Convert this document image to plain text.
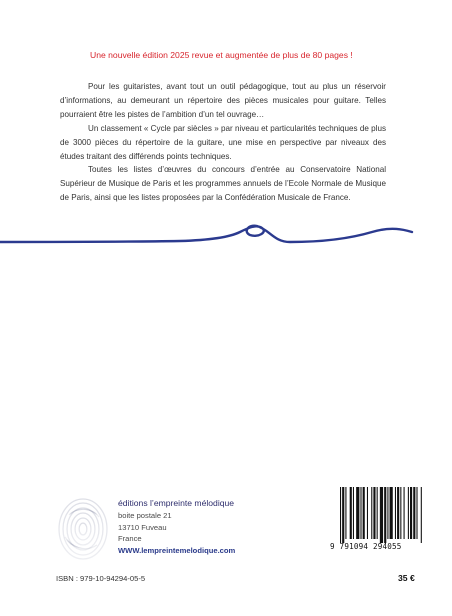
Une nouvelle édition 2025 revue et augmentée de plus de 80 pages !

Pour les guitaristes, avant tout un outil pédagogique, tout au plus un réservoir d’informations, au demeurant un répertoire des pièces musicales pour guitare. Telles pourraient être les pistes de l’ambition d’un tel ouvrage…

Un classement « Cycle par siècles » par niveau et particularités techniques de plus de 3000 pièces du répertoire de la guitare, une mise en perspective par niveaux des études traitant des différends points techniques.

Toutes les listes d’œuvres du concours d’entrée au Conservatoire National Supérieur de Musique de Paris et les programmes annuels de l’Ecole Normale de Musique de Paris, ainsi que les listes proposées par la Confédération Musicale de France.

éditions l’empreinte mélodique
boite postale 21
13710 Fuveau
France
WWW.lempreintemelodique.com	9 791094 294055
ISBN : 979-10-94294-05-5	35 €
